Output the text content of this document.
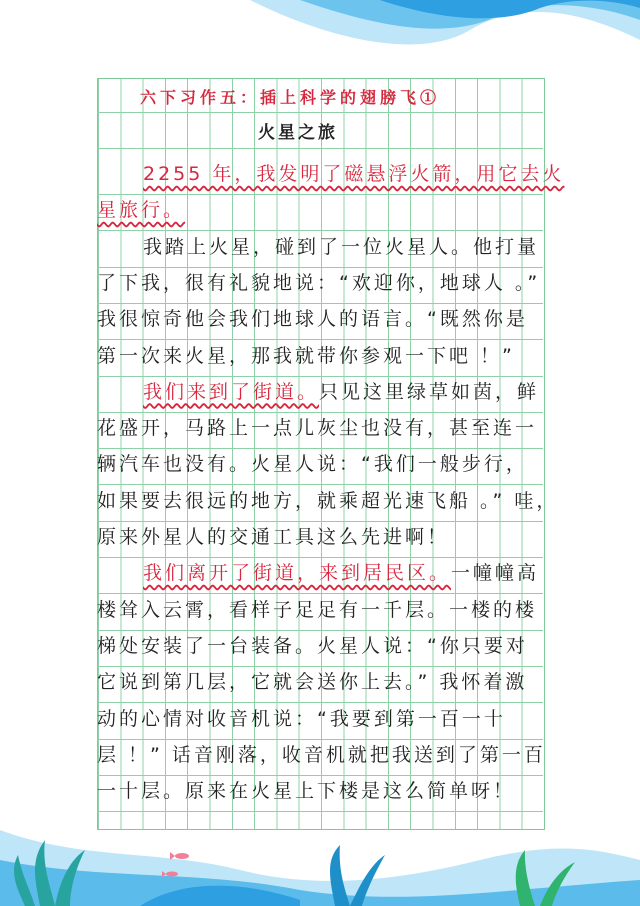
六下习作五：插上科学的翅膀飞①
火星之旅
2255 年，我发明了磁悬浮火箭，用它去火
星旅行。
我踏上火星，碰到了一位火星人。他打量
了下我，很有礼貌地说：“欢迎你，地球人 。”
我很惊奇他会我们地球人的语言。“既然你是
第一次来火星，那我就带你参观一下吧 ！”
我们来到了街道。只见这里绿草如茵，鲜
花盛开，马路上一点儿灰尘也没有，甚至连一
辆汽车也没有。火星人说：“我们一般步行，
如果要去很远的地方，就乘超光速飞船 。” 哇，
原来外星人的交通工具这么先进啊！
我们离开了街道，来到居民区。一幢幢高
楼耸入云霄，看样子足足有一千层。一楼的楼
梯处安装了一台装备。火星人说：“你只要对
它说到第几层，它就会送你上去。” 我怀着激
动的心情对收音机说：“我要到第一百一十
层 ！” 话音刚落，收音机就把我送到了第一百
一十层。原来在火星上下楼是这么简单呀！
